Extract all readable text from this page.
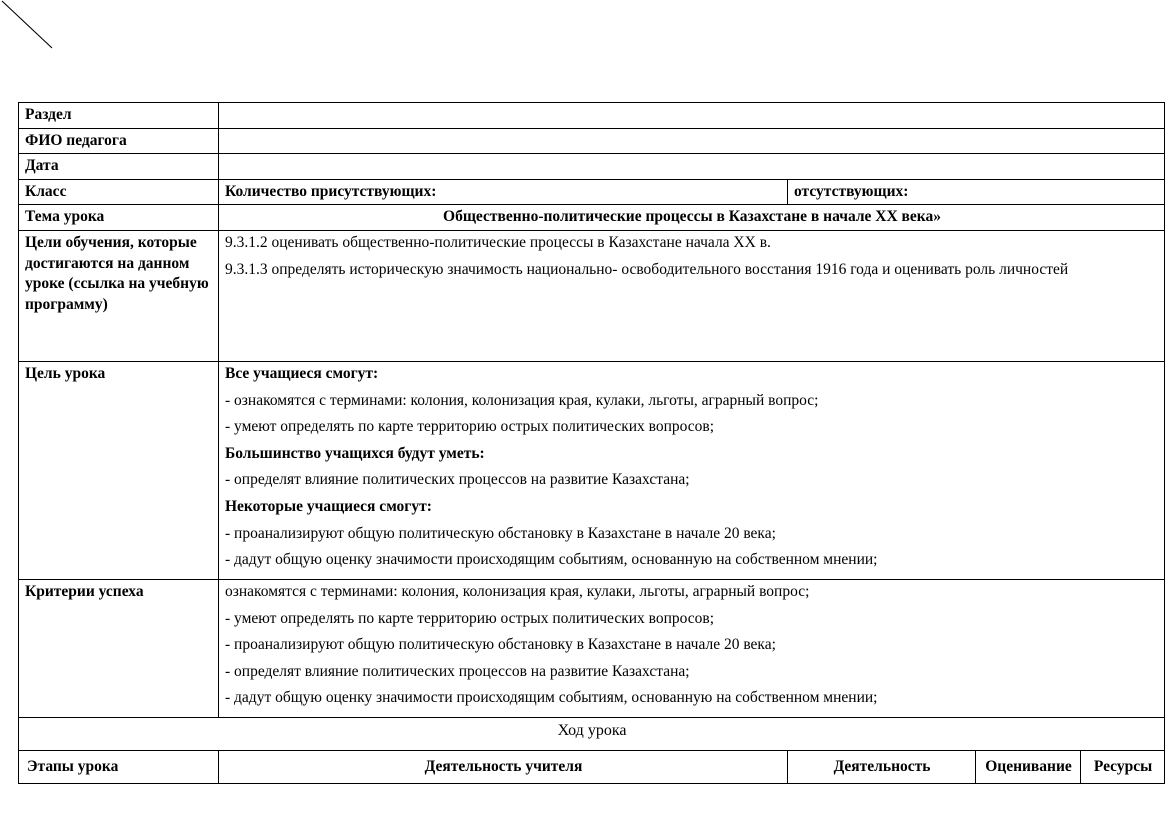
Раздел				
ФИО педагога				
Дата				
Класс	Количество присутствующих:	отсутствующих:		
Тема урока	Общественно-политические процессы в Казахстане в начале XX века»			
Цели обучения, которые достигаются на данном уроке (ссылка на учебную программу)	9.3.1.2 оценивать общественно-политические процессы в Казахстане начала XX в.

9.3.1.3 определять историческую значимость национально- освободительного восстания 1916 года и оценивать роль личностей			

Цель урока	Все учащиеся смогут:

- ознакомятся с терминами: колония, колонизация края, кулаки, льготы, аграрный вопрос;

- умеют определять по карте территорию острых политических вопросов;

Большинство учащихся будут уметь:

- определят влияние политических процессов на развитие Казахстана;

Некоторые учащиеся смогут:

- проанализируют общую политическую обстановку в Казахстане в начале 20 века;

- дадут общую оценку значимости происходящим событиям, основанную на собственном мнении;

Критерии успеха	ознакомятся с терминами: колония, колонизация края, кулаки, льготы, аграрный вопрос;

- умеют определять по карте территорию острых политических вопросов;

- проанализируют общую политическую обстановку в Казахстане в начале 20 века;

- определят влияние политических процессов на развитие Казахстана;

- дадут общую оценку значимости происходящим событиям, основанную на собственном мнении;			

Ход урока				
Этапы урока	Деятельность учителя	Деятельность	Оценивание	Ресурсы
